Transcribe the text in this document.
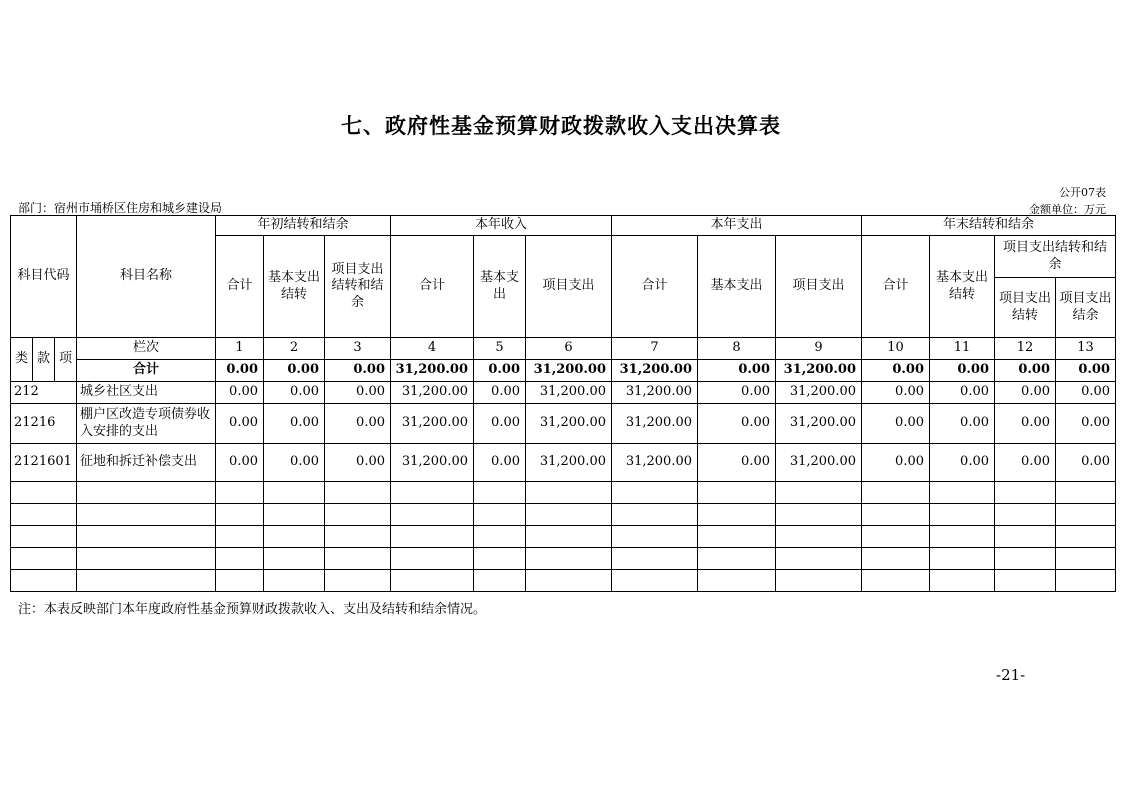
七、政府性基金预算财政拨款收入支出决算表
公开07表
部门：宿州市埇桥区住房和城乡建设局	金额单位：万元
科目代码			科目名称	年初结转和结余			本年收入			本年支出			年末结转和结余			
				合计	基本支出结转	项目支出结转和结余	合计	基本支出	项目支出	合计	基本支出	项目支出	合计	基本支出结转	项目支出结转和结余	
															项目支出结转	项目支出结余
类	款	项	栏次	1	2	3	4	5	6	7	8	9	10	11	12	13
			合计	0.00	0.00	0.00	31,200.00	0.00	31,200.00	31,200.00	0.00	31,200.00	0.00	0.00	0.00	0.00
212			城乡社区支出	0.00	0.00	0.00	31,200.00	0.00	31,200.00	31,200.00	0.00	31,200.00	0.00	0.00	0.00	0.00
21216			棚户区改造专项债券收入安排的支出	0.00	0.00	0.00	31,200.00	0.00	31,200.00	31,200.00	0.00	31,200.00	0.00	0.00	0.00	0.00
2121601			征地和拆迁补偿支出	0.00	0.00	0.00	31,200.00	0.00	31,200.00	31,200.00	0.00	31,200.00	0.00	0.00	0.00	0.00

注：本表反映部门本年度政府性基金预算财政拨款收入、支出及结转和结余情况。
-21-
